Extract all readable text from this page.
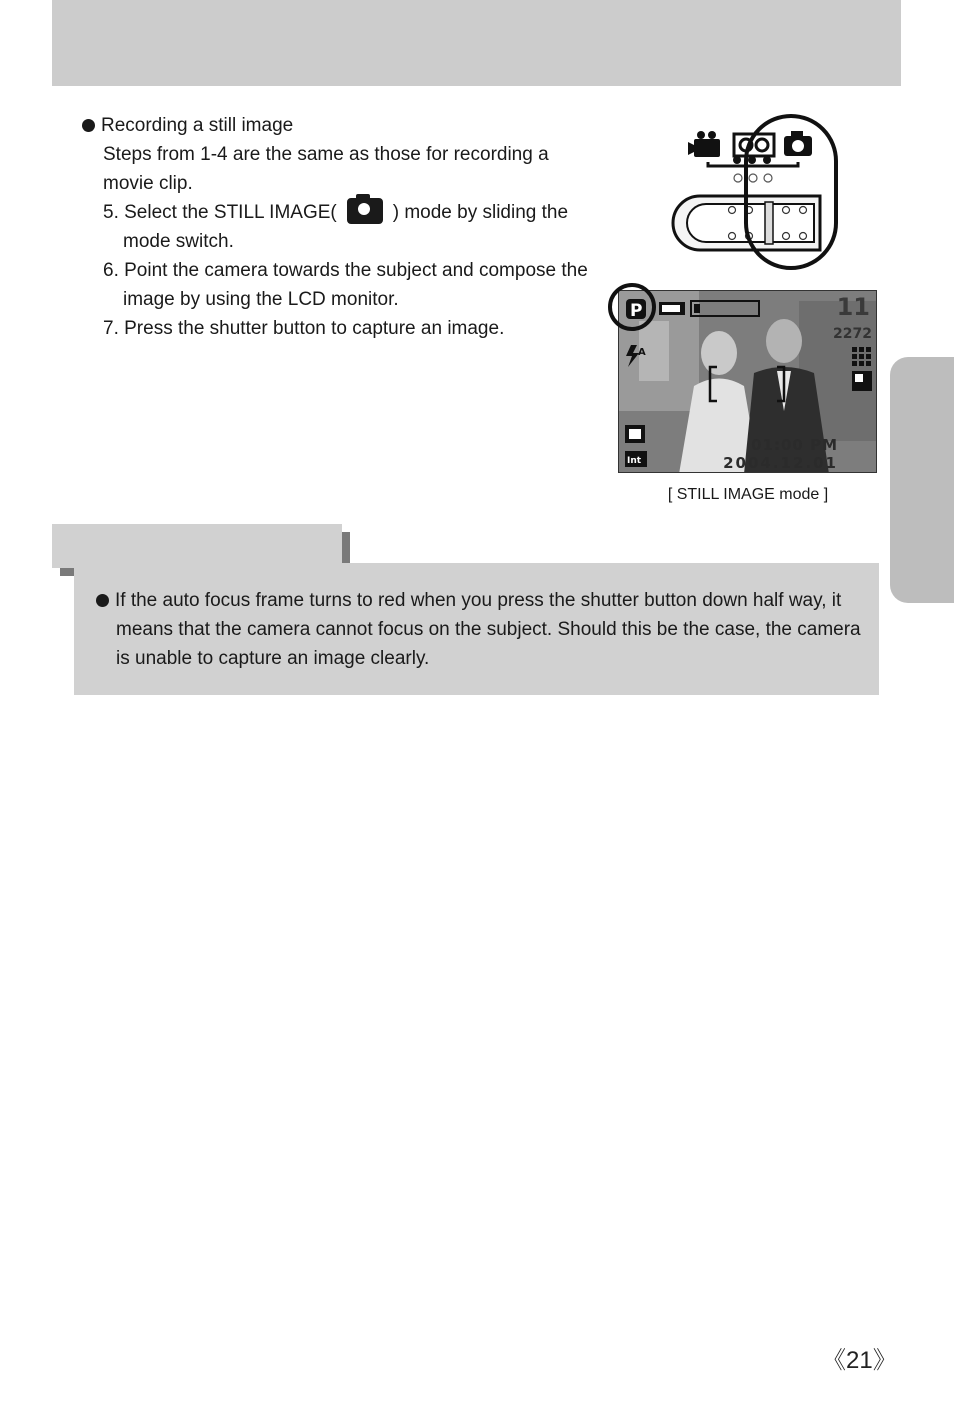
Recording a still image
Steps from 1-4 are the same as those for recording a
movie clip.
5. Select the STILL IMAGE(	) mode by sliding the
mode switch.
6. Point the camera towards the subject and compose the
image by using the LCD monitor.
7. Press the shutter button to capture an image.
P
A
Int
11
2272
01:00 PM
2004.12.01
[ STILL IMAGE mode ]
If the auto focus frame turns to red when you press the shutter button down half way, it
means that the camera cannot focus on the subject. Should this be the case, the camera
is unable to capture an image clearly.
《21》
